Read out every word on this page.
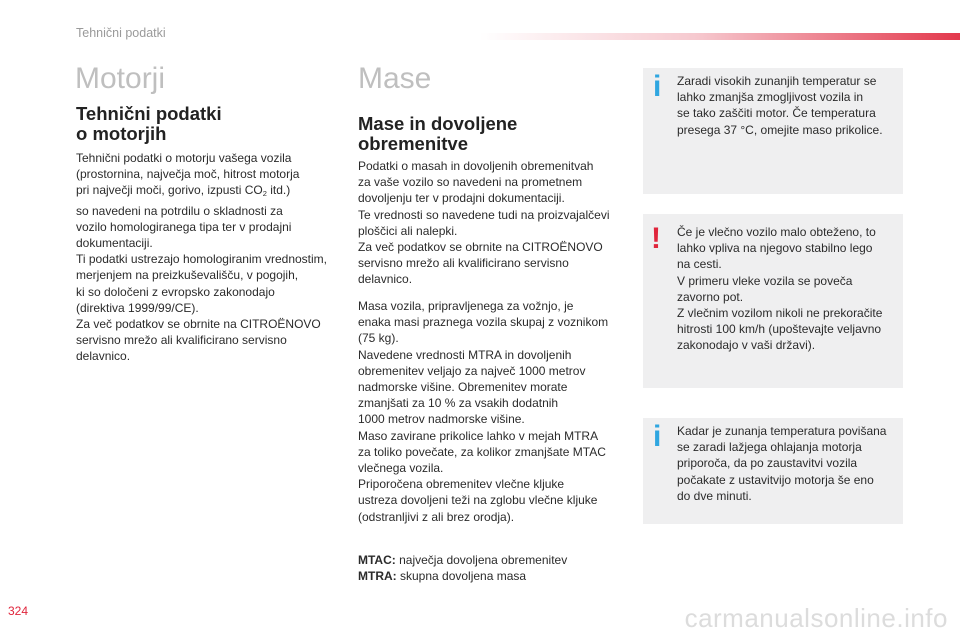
Tehnični podatki
Motorji
Tehnični podatki
o motorjih

Tehnični podatki o motorju vašega vozila
(prostornina, največja moč, hitrost motorja
pri največji moči, gorivo, izpusti CO2 itd.)
so navedeni na potrdilu o skladnosti za
vozilo homologiranega tipa ter v prodajni
dokumentaciji.
Ti podatki ustrezajo homologiranim vrednostim,
merjenjem na preizkuševališču, v pogojih,
ki so določeni z evropsko zakonodajo
(direktiva 1999/99/CE).
Za več podatkov se obrnite na CITROËNOVO
servisno mrežo ali kvalificirano servisno
delavnico.

Mase
Mase in dovoljene
obremenitve

Podatki o masah in dovoljenih obremenitvah
za vaše vozilo so navedeni na prometnem
dovoljenju ter v prodajni dokumentaciji.
Te vrednosti so navedene tudi na proizvajalčevi
ploščici ali nalepki.
Za več podatkov se obrnite na CITROËNOVO
servisno mrežo ali kvalificirano servisno
delavnico.

Masa vozila, pripravljenega za vožnjo, je
enaka masi praznega vozila skupaj z voznikom
(75 kg).
Navedene vrednosti MTRA in dovoljenih
obremenitev veljajo za največ 1000 metrov
nadmorske višine. Obremenitev morate
zmanjšati za 10 % za vsakih dodatnih
1000 metrov nadmorske višine.
Maso zavirane prikolice lahko v mejah MTRA
za toliko povečate, za kolikor zmanjšate MTAC
vlečnega vozila.
Priporočena obremenitev vlečne kljuke
ustreza dovoljeni teži na zglobu vlečne kljuke
(odstranljivi z ali brez orodja).

MTAC: največja dovoljena obremenitev
MTRA: skupna dovoljena masa
i Zaradi visokih zunanjih temperatur se
lahko zmanjša zmogljivost vozila in
se tako zaščiti motor. Če temperatura
presega 37 °C, omejite maso prikolice.
! Če je vlečno vozilo malo obteženo, to
lahko vpliva na njegovo stabilno lego
na cesti.
V primeru vleke vozila se poveča
zavorno pot.
Z vlečnim vozilom nikoli ne prekoračite
hitrosti 100 km/h (upoštevajte veljavno
zakonodajo v vaši državi).
i Kadar je zunanja temperatura povišana
se zaradi lažjega ohlajanja motorja
priporoča, da po zaustavitvi vozila
počakate z ustavitvijo motorja še eno
do dve minuti.
324	carmanualsonline.info
